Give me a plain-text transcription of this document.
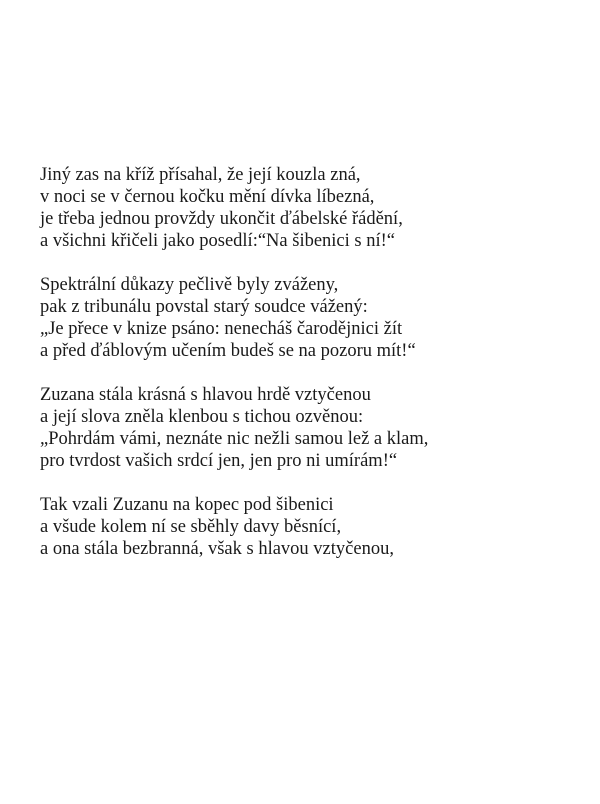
Jiný zas na kříž přísahal, že její kouzla zná,
v noci se v černou kočku mění dívka líbezná,
je třeba jednou provždy ukončit ďábelské řádění,
a všichni křičeli jako posedlí:“Na šibenici s ní!“
Spektrální důkazy pečlivě byly zváženy,
pak z tribunálu povstal starý soudce vážený:
„Je přece v knize psáno: nenecháš čarodějnici žít
a před ďáblovým učením budeš se na pozoru mít!“
Zuzana stála krásná s hlavou hrdě vztyčenou
a její slova zněla klenbou s tichou ozvěnou:
„Pohrdám vámi, neznáte nic nežli samou lež a klam,
pro tvrdost vašich srdcí jen, jen pro ni umírám!“
Tak vzali Zuzanu na kopec pod šibenici
a všude kolem ní se sběhly davy běsnící,
a ona stála bezbranná, však s hlavou vztyčenou,
